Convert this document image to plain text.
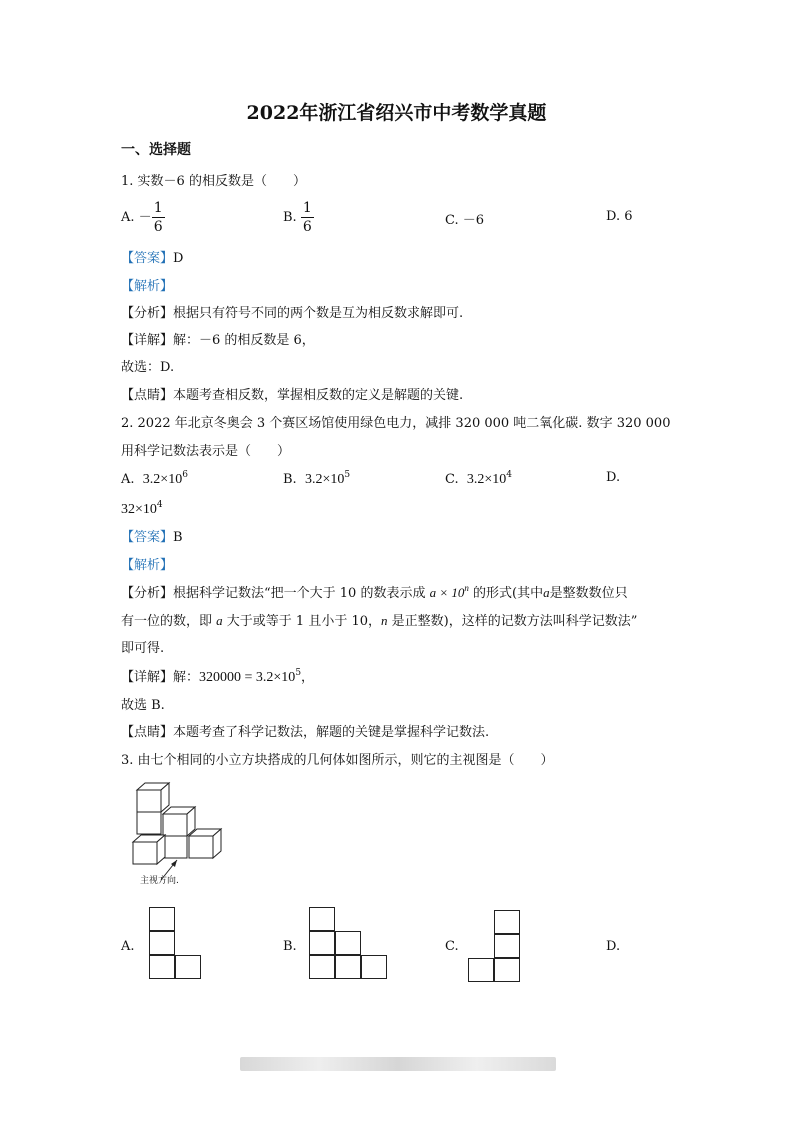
2022年浙江省绍兴市中考数学真题
一、选择题
1. 实数－6 的相反数是（　　）
A. － $\frac{1}{6}$	B. $\frac{1}{6}$	C. －6	D. 6
【答案】D
【解析】
【分析】根据只有符号不同的两个数是互为相反数求解即可.
【详解】解：－6 的相反数是 6，
故选：D.
【点睛】本题考查相反数，掌握相反数的定义是解题的关键.
2. 2022 年北京冬奥会 3 个赛区场馆使用绿色电力，减排 320 000 吨二氧化碳. 数字 320 000
用科学记数法表示是（　　）
A. $3.2\times 10^6$	B. $3.2\times 10^5$	C. $3.2\times 10^4$	D.
$32\times 10^4$
【答案】B
【解析】
【分析】根据科学记数法“把一个大于 10 的数表示成 $a \times 10^n$ 的形式(其中a是整数数位只
有一位的数，即 a 大于或等于 1 且小于 10，n 是正整数)，这样的记数方法叫科学记数法”
即可得.
【详解】解：$320000 = 3.2\times 10^5$，
故选 B.
【点睛】本题考查了科学记数法，解题的关键是掌握科学记数法.
3. 由七个相同的小立方块搭成的几何体如图所示，则它的主视图是（　　）
主视方向.
A.	B.	C.	D.
